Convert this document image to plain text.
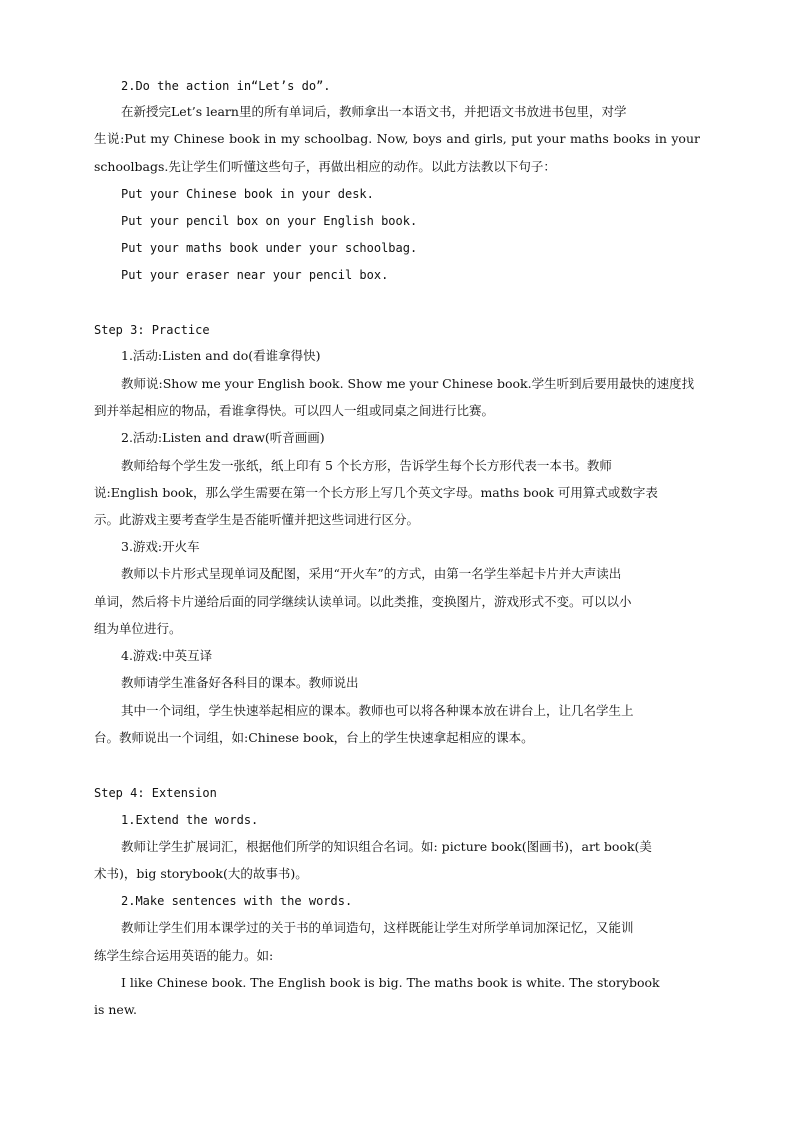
2.Do the action in“Let’s do”.

在新授完Let’s learn里的所有单词后，教师拿出一本语文书，并把语文书放进书包里，对学

生说:Put my Chinese book in my schoolbag. Now, boys and girls, put your maths books in your

schoolbags.先让学生们听懂这些句子，再做出相应的动作。以此方法教以下句子：

Put your Chinese book in your desk.

Put your pencil box on your English book.

Put your maths book under your schoolbag.

Put your eraser near your pencil box.

Step 3: Practice

1.活动:Listen and do(看谁拿得快)

教师说:Show me your English book. Show me your Chinese book.学生听到后要用最快的速度找

到并举起相应的物品，看谁拿得快。可以四人一组或同桌之间进行比赛。

2.活动:Listen and draw(听音画画)

教师给每个学生发一张纸，纸上印有 5 个长方形，告诉学生每个长方形代表一本书。教师

说:English book，那么学生需要在第一个长方形上写几个英文字母。maths book 可用算式或数字表

示。此游戏主要考查学生是否能听懂并把这些词进行区分。

3.游戏:开火车

教师以卡片形式呈现单词及配图，采用“开火车”的方式，由第一名学生举起卡片并大声读出

单词，然后将卡片递给后面的同学继续认读单词。以此类推，变换图片，游戏形式不变。可以以小

组为单位进行。

4.游戏:中英互译

教师请学生准备好各科目的课本。教师说出

其中一个词组，学生快速举起相应的课本。教师也可以将各种课本放在讲台上，让几名学生上

台。教师说出一个词组，如:Chinese book，台上的学生快速拿起相应的课本。

Step 4: Extension

1.Extend the words.

教师让学生扩展词汇，根据他们所学的知识组合名词。如: picture book(图画书)，art book(美

术书)，big storybook(大的故事书)。

2.Make sentences with the words.

教师让学生们用本课学过的关于书的单词造句，这样既能让学生对所学单词加深记忆，又能训

练学生综合运用英语的能力。如:

I like Chinese book. The English book is big. The maths book is white. The storybook

is new.
